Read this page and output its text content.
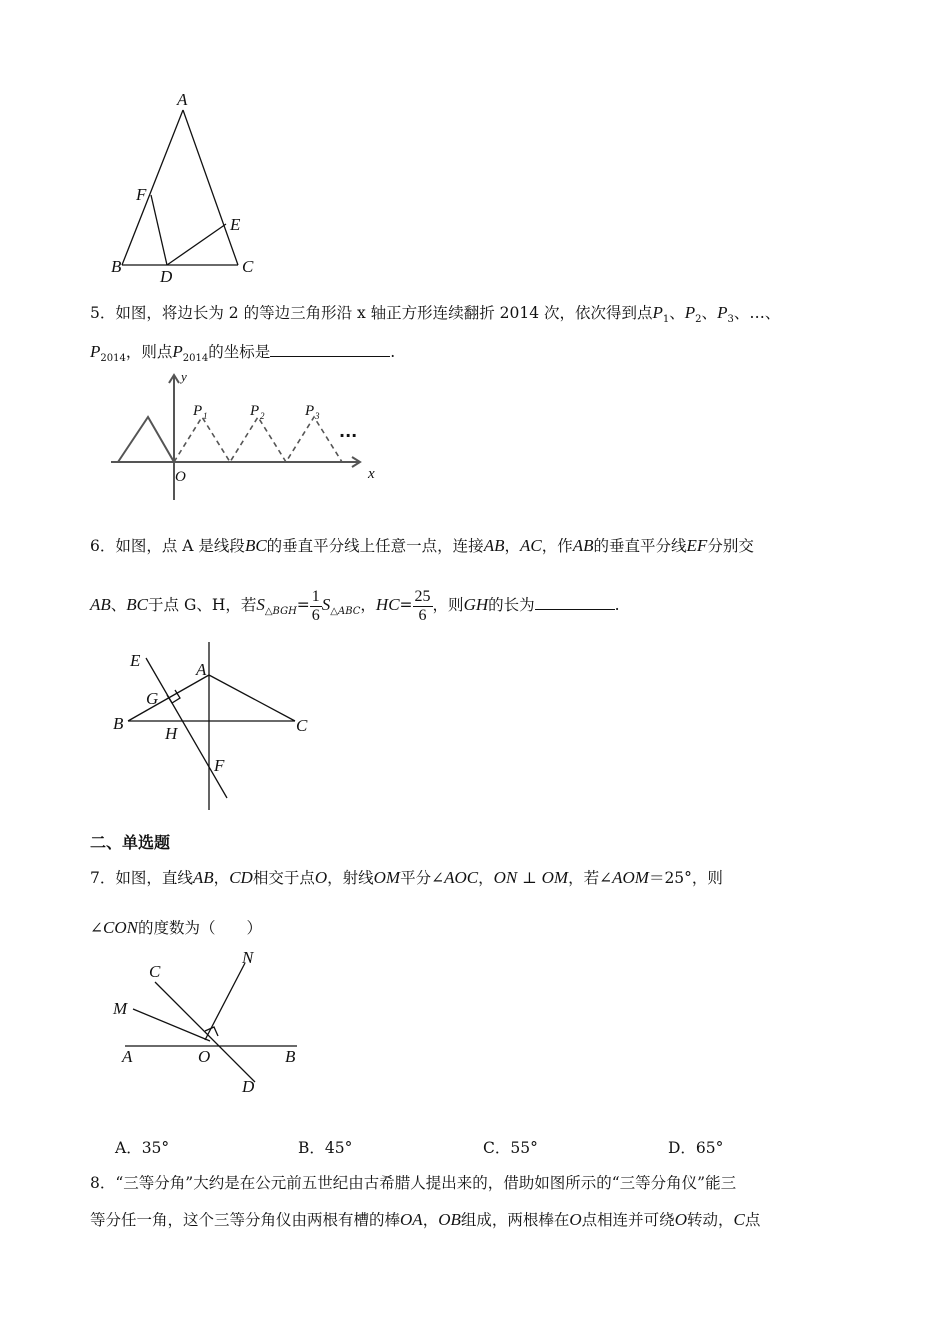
A
F
E
B
D
C
5．如图，将边长为 2 的等边三角形沿 x 轴正方形连续翻折 2014 次，依次得到点$P_1$、$P_2$、$P_3$、…、
$P_{2014}$，则点$P_{2014}$的坐标是	.
y
x
O
P 1	P 2	P 3
···
6．如图，点 A 是线段BC的垂直平分线上任意一点，连接AB，AC，作AB的垂直平分线EF分别交
AB、BC于点 G、H，若$S_{\triangle BGH}= \frac{1}{6} S_{\triangle ABC}$，$HC= \frac{25}{6}$ ，则GH的长为	.
E	A
G
B
H	C
F
二、单选题
7．如图，直线AB，CD相交于点O，射线OM平分∠AOC，ON ⊥ OM，若∠AOM＝25°，则
∠CON的度数为（　　）
N
C
M
A	O	B
D
A．35°	B．45°	C．55°	D．65°
8．“三等分角”大约是在公元前五世纪由古希腊人提出来的，借助如图所示的“三等分角仪”能三
等分任一角，这个三等分角仪由两根有槽的棒OA，OB组成，两根棒在O点相连并可绕O转动，C点
